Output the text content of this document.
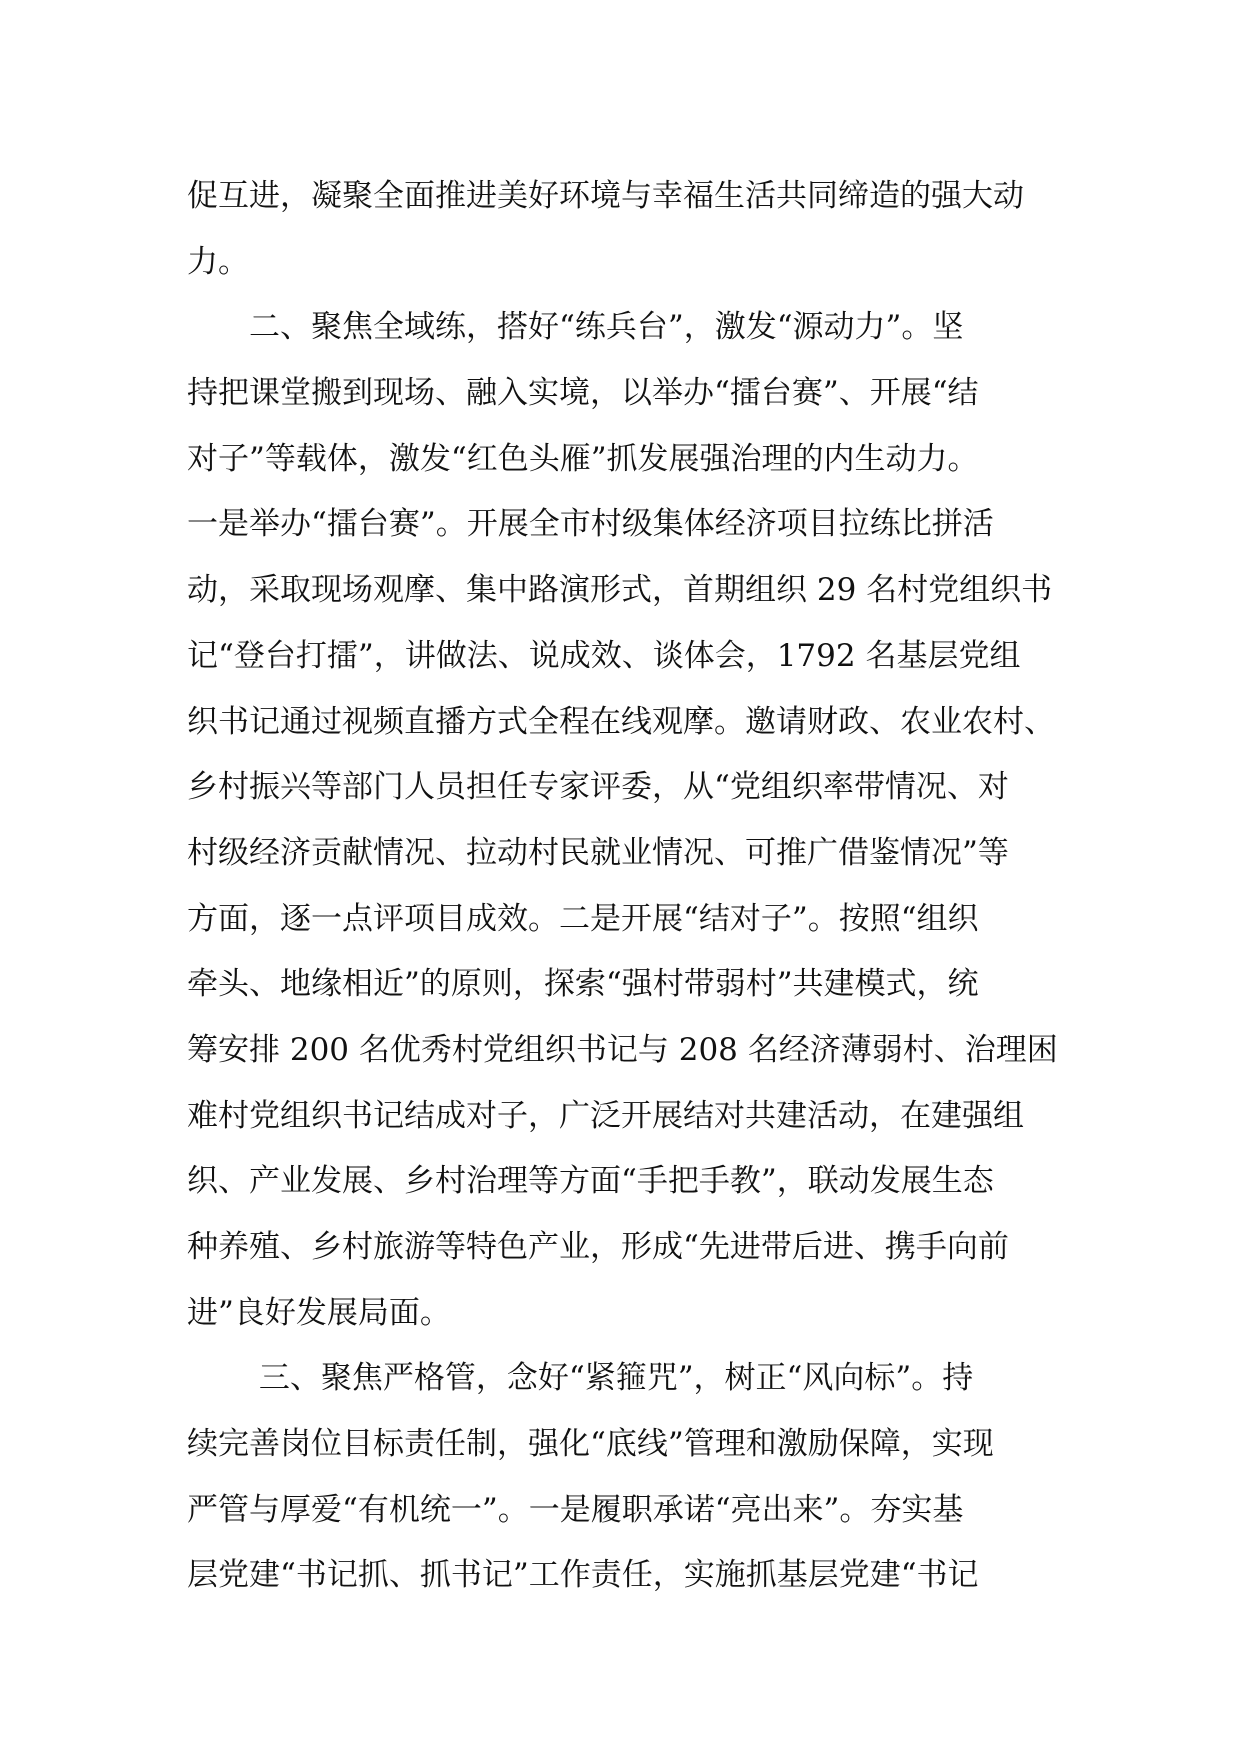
促互进，凝聚全面推进美好环境与幸福生活共同缔造的强大动
力。
　　二、聚焦全域练，搭好“练兵台”，激发“源动力”。坚
持把课堂搬到现场、融入实境，以举办“擂台赛”、开展“结
对子”等载体，激发“红色头雁”抓发展强治理的内生动力。
一是举办“擂台赛”。开展全市村级集体经济项目拉练比拼活
动，采取现场观摩、集中路演形式，首期组织 29 名村党组织书
记“登台打擂”，讲做法、说成效、谈体会，1792 名基层党组
织书记通过视频直播方式全程在线观摩。邀请财政、农业农村、
乡村振兴等部门人员担任专家评委，从“党组织率带情况、对
村级经济贡献情况、拉动村民就业情况、可推广借鉴情况”等
方面，逐一点评项目成效。二是开展“结对子”。按照“组织
牵头、地缘相近”的原则，探索“强村带弱村”共建模式，统
筹安排 200 名优秀村党组织书记与 208 名经济薄弱村、治理困
难村党组织书记结成对子，广泛开展结对共建活动，在建强组
织、产业发展、乡村治理等方面“手把手教”，联动发展生态
种养殖、乡村旅游等特色产业，形成“先进带后进、携手向前
进”良好发展局面。
　　 三、聚焦严格管，念好“紧箍咒”，树正“风向标”。持
续完善岗位目标责任制，强化“底线”管理和激励保障，实现
严管与厚爱“有机统一”。一是履职承诺“亮出来”。夯实基
层党建“书记抓、抓书记”工作责任，实施抓基层党建“书记
